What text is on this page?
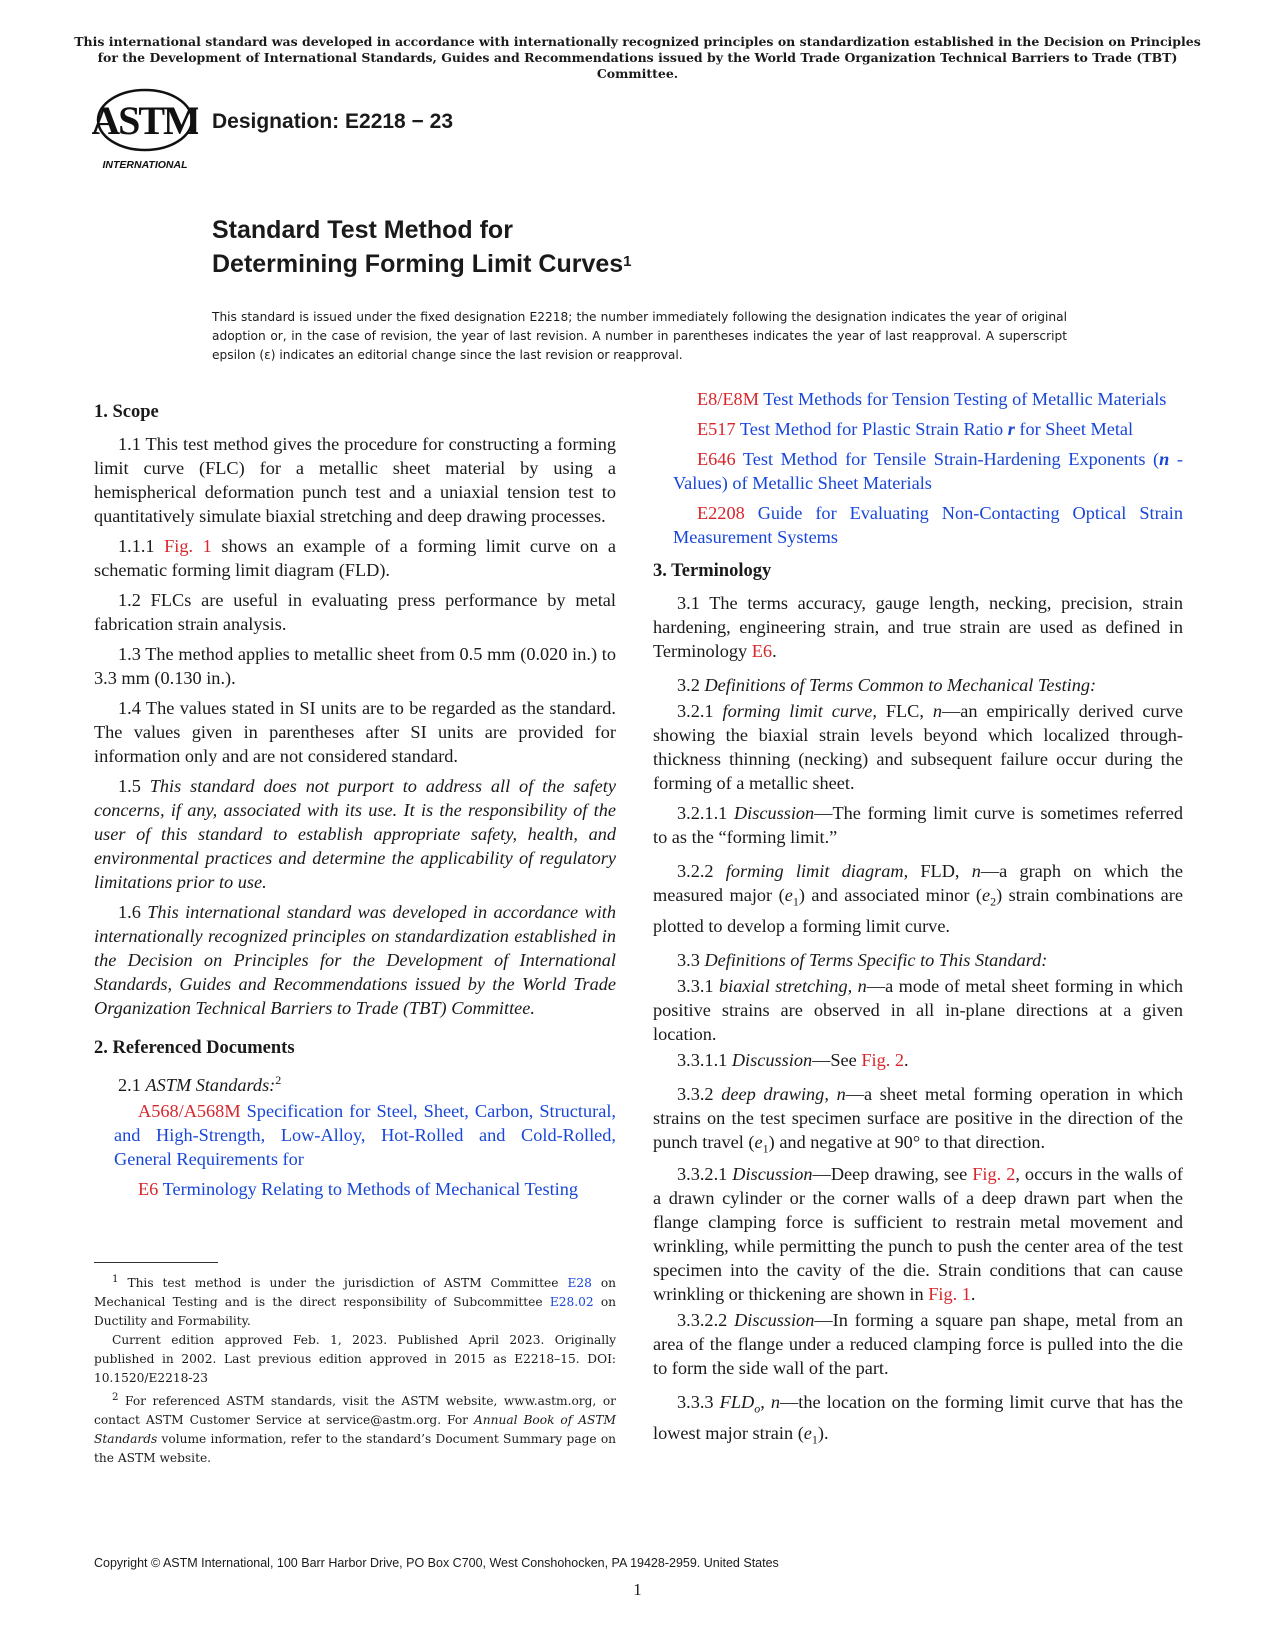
This international standard was developed in accordance with internationally recognized principles on standardization established in the Decision on Principles for the Development of International Standards, Guides and Recommendations issued by the World Trade Organization Technical Barriers to Trade (TBT) Committee.
ASTM
INTERNATIONAL
Designation: E2218 − 23
Standard Test Method for
Determining Forming Limit Curves$^1$
This standard is issued under the fixed designation E2218; the number immediately following the designation indicates the year of original adoption or, in the case of revision, the year of last revision. A number in parentheses indicates the year of last reapproval. A superscript epsilon (ε) indicates an editorial change since the last revision or reapproval.
1. Scope

1.1 This test method gives the procedure for constructing a forming limit curve (FLC) for a metallic sheet material by using a hemispherical deformation punch test and a uniaxial tension test to quantitatively simulate biaxial stretching and deep drawing processes.

1.1.1 Fig. 1 shows an example of a forming limit curve on a schematic forming limit diagram (FLD).

1.2 FLCs are useful in evaluating press performance by metal fabrication strain analysis.

1.3 The method applies to metallic sheet from 0.5 mm (0.020 in.) to 3.3 mm (0.130 in.).

1.4 The values stated in SI units are to be regarded as the standard. The values given in parentheses after SI units are provided for information only and are not considered standard.

1.5 This standard does not purport to address all of the safety concerns, if any, associated with its use. It is the responsibility of the user of this standard to establish appropriate safety, health, and environmental practices and determine the applicability of regulatory limitations prior to use.

1.6 This international standard was developed in accordance with internationally recognized principles on standardization established in the Decision on Principles for the Development of International Standards, Guides and Recommendations issued by the World Trade Organization Technical Barriers to Trade (TBT) Committee.

2. Referenced Documents

2.1 ASTM Standards:$^2$

A568/A568M Specification for Steel, Sheet, Carbon, Structural, and High-Strength, Low-Alloy, Hot-Rolled and Cold-Rolled, General Requirements for

E6 Terminology Relating to Methods of Mechanical Testing

$^1$ This test method is under the jurisdiction of ASTM Committee E28 on Mechanical Testing and is the direct responsibility of Subcommittee E28.02 on Ductility and Formability.

Current edition approved Feb. 1, 2023. Published April 2023. Originally published in 2002. Last previous edition approved in 2015 as E2218–15. DOI: 10.1520/E2218-23

$^2$ For referenced ASTM standards, visit the ASTM website, www.astm.org, or contact ASTM Customer Service at service@astm.org. For Annual Book of ASTM Standards volume information, refer to the standard’s Document Summary page on the ASTM website.

E8/E8M Test Methods for Tension Testing of Metallic Materials

E517 Test Method for Plastic Strain Ratio r for Sheet Metal

E646 Test Method for Tensile Strain-Hardening Exponents (n -Values) of Metallic Sheet Materials

E2208 Guide for Evaluating Non-Contacting Optical Strain Measurement Systems

3. Terminology

3.1 The terms accuracy, gauge length, necking, precision, strain hardening, engineering strain, and true strain are used as defined in Terminology E6.

3.2 Definitions of Terms Common to Mechanical Testing:

3.2.1 forming limit curve, FLC, n—an empirically derived curve showing the biaxial strain levels beyond which localized through-thickness thinning (necking) and subsequent failure occur during the forming of a metallic sheet.

3.2.1.1 Discussion—The forming limit curve is sometimes referred to as the “forming limit.”

3.2.2 forming limit diagram, FLD, n—a graph on which the measured major $(e_1)$ and associated minor $(e_2)$ strain combinations are plotted to develop a forming limit curve.

3.3 Definitions of Terms Specific to This Standard:

3.3.1 biaxial stretching, n—a mode of metal sheet forming in which positive strains are observed in all in-plane directions at a given location.

3.3.1.1 Discussion—See Fig. 2.

3.3.2 deep drawing, n—a sheet metal forming operation in which strains on the test specimen surface are positive in the direction of the punch travel $(e_1)$ and negative at 90° to that direction.

3.3.2.1 Discussion—Deep drawing, see Fig. 2, occurs in the walls of a drawn cylinder or the corner walls of a deep drawn part when the flange clamping force is sufficient to restrain metal movement and wrinkling, while permitting the punch to push the center area of the test specimen into the cavity of the die. Strain conditions that can cause wrinkling or thickening are shown in Fig. 1.

3.3.2.2 Discussion—In forming a square pan shape, metal from an area of the flange under a reduced clamping force is pulled into the die to form the side wall of the part.

3.3.3 $FLD_o$, n—the location on the forming limit curve that has the lowest major strain $(e_1)$.

Copyright © ASTM International, 100 Barr Harbor Drive, PO Box C700, West Conshohocken, PA 19428-2959. United States
1
